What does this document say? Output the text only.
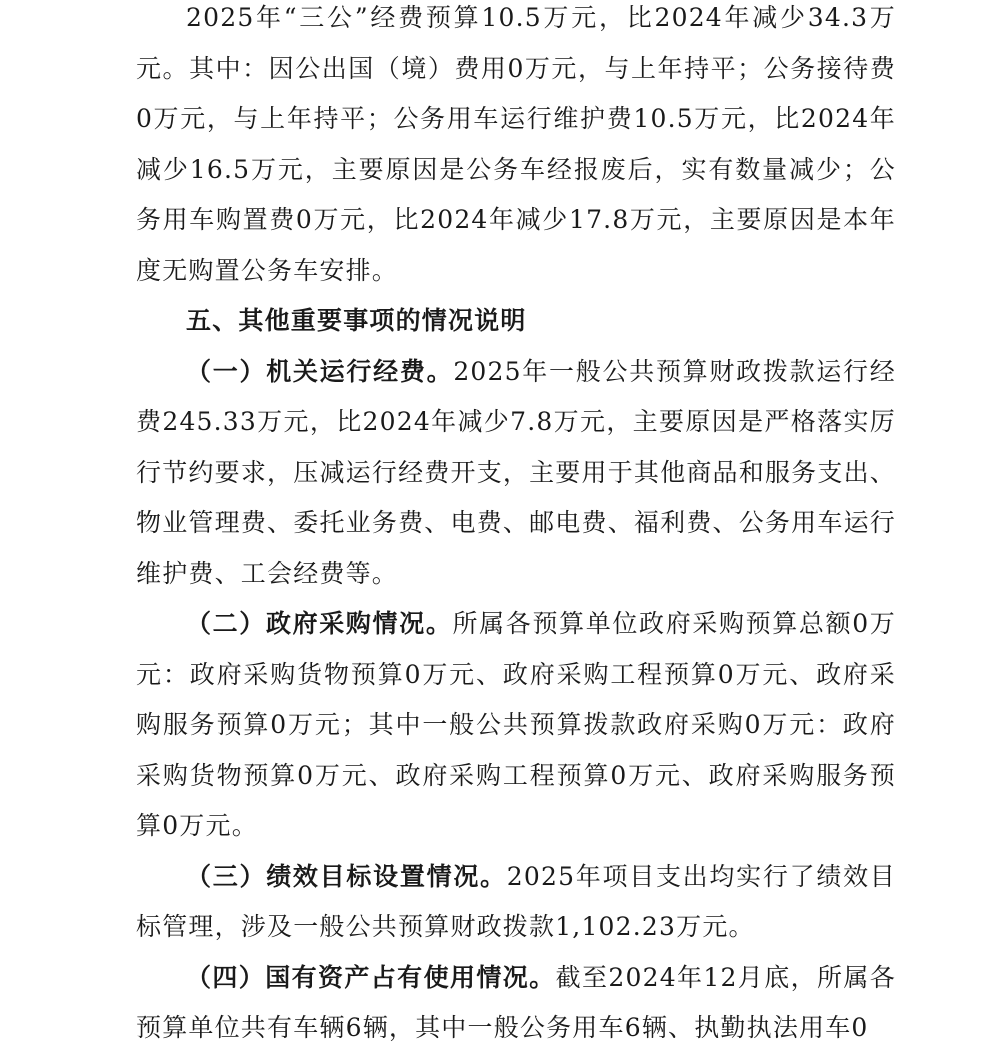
2025年“三公”经费预算10.5万元，比2024年减少34.3万元。其中：因公出国（境）费用0万元，与上年持平；公务接待费0万元，与上年持平；公务用车运行维护费10.5万元，比2024年减少16.5万元，主要原因是公务车经报废后，实有数量减少；公务用车购置费0万元，比2024年减少17.8万元，主要原因是本年度无购置公务车安排。

五、其他重要事项的情况说明

（一）机关运行经费。2025年一般公共预算财政拨款运行经费245.33万元，比2024年减少7.8万元，主要原因是严格落实厉行节约要求，压减运行经费开支，主要用于其他商品和服务支出、物业管理费、委托业务费、电费、邮电费、福利费、公务用车运行维护费、工会经费等。

（二）政府采购情况。所属各预算单位政府采购预算总额0万元：政府采购货物预算0万元、政府采购工程预算0万元、政府采购服务预算0万元；其中一般公共预算拨款政府采购0万元：政府采购货物预算0万元、政府采购工程预算0万元、政府采购服务预算0万元。

（三）绩效目标设置情况。2025年项目支出均实行了绩效目标管理，涉及一般公共预算财政拨款1,102.23万元。

（四）国有资产占有使用情况。截至2024年12月底，所属各预算单位共有车辆6辆，其中一般公务用车6辆、执勤执法用车0
